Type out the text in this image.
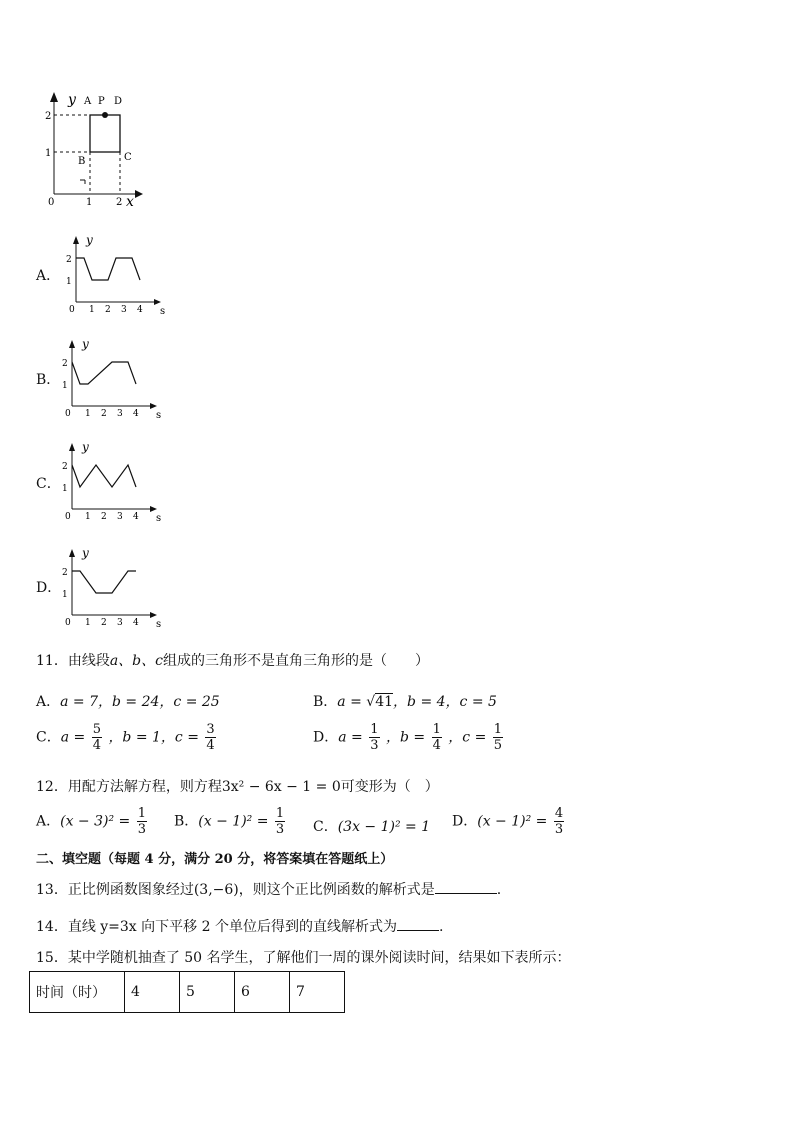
y A P D
B	C
2
1
0	1 2 x
A．
y
2
1
0 1 2 3 4 s
B．
y
2
1
0 1 2 3 4 s
C．
y
2
1
0 1 2 3 4 s
D．
y
2
1
0 1 2 3 4 s
11．由线段a、b、c组成的三角形不是直角三角形的是（　　）
A．a = 7，b = 24，c = 25	B．a = √41，b = 4，c = 5
C．$a = \frac{5}{4}$ ，b = 1，$c = \frac{3}{4}$	D．$a = \frac{1}{3}$ ，$b = \frac{1}{4}$ ，$c = \frac{1}{5}$
12．用配方法解方程，则方程3x² − 6x − 1 = 0可变形为（　）
A．$(x - 3)^2 = \frac{1}{3}$ B．$(x - 1)^2 = \frac{1}{3}$ C．(3x − 1)² = 1 D．$(x - 1)^2 = \frac{4}{3}$
二、填空题（每题 4 分，满分 20 分，将答案填在答题纸上）
13．正比例函数图象经过(3,−6)，则这个正比例函数的解析式是	.
14．直线 y=3x 向下平移 2 个单位后得到的直线解析式为	.
15．某中学随机抽查了 50 名学生，了解他们一周的课外阅读时间，结果如下表所示：
时间（时）	4	5	6	7
